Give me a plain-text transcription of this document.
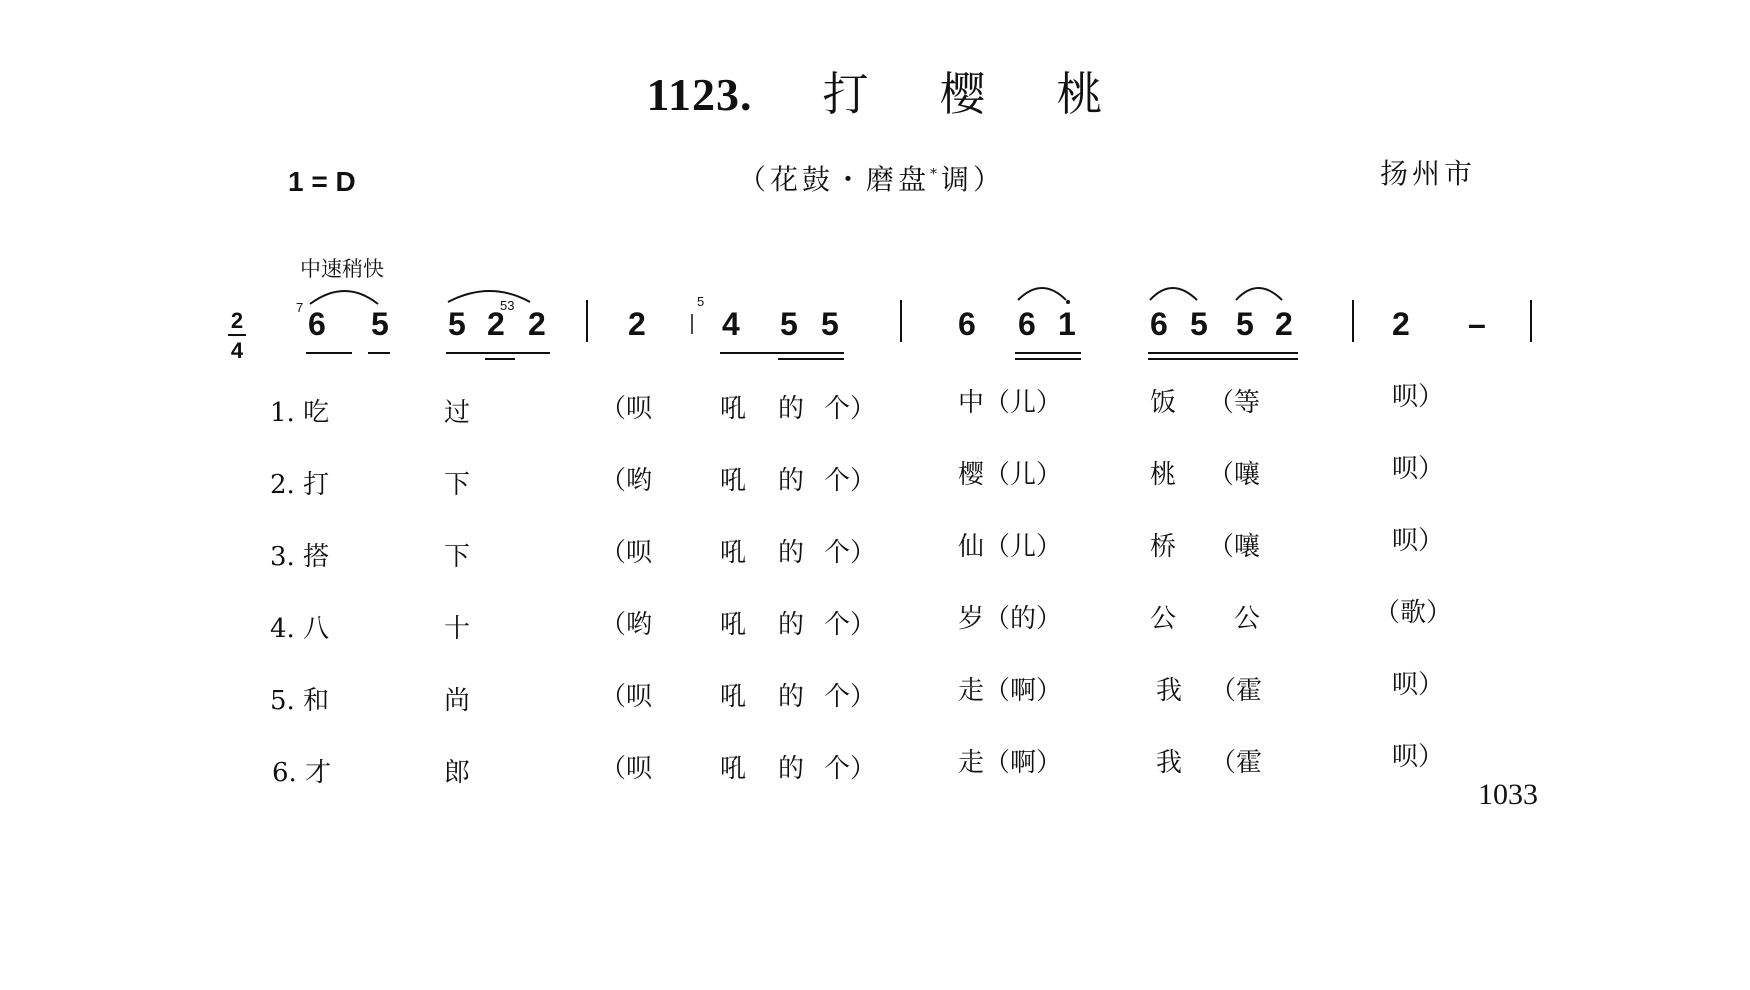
1123. 打 樱 桃
1 = D	（花鼓・磨盘*调）	扬州市
中速稍快
2
4
7	53	5
6 5 5 2 2	2 4 5 5	6 6 1 6 5 5 2	2 –
1. 吃	过	（呗	吼 的 个）	中（儿）	饭 （等	呗）
2. 打	下	（哟	吼 的 个）	樱（儿）	桃 （嚷	呗）
3. 搭	下	（呗	吼 的 个）	仙（儿）	桥 （嚷	呗）
4. 八	十	（哟	吼 的 个）	岁（的）	公 公	（歌）
5. 和	尚	（呗	吼 的 个）	走（啊）	我 （霍	呗）
6. 才	郎	（呗	吼 的 个）	走（啊）	我 （霍	呗）
1033
